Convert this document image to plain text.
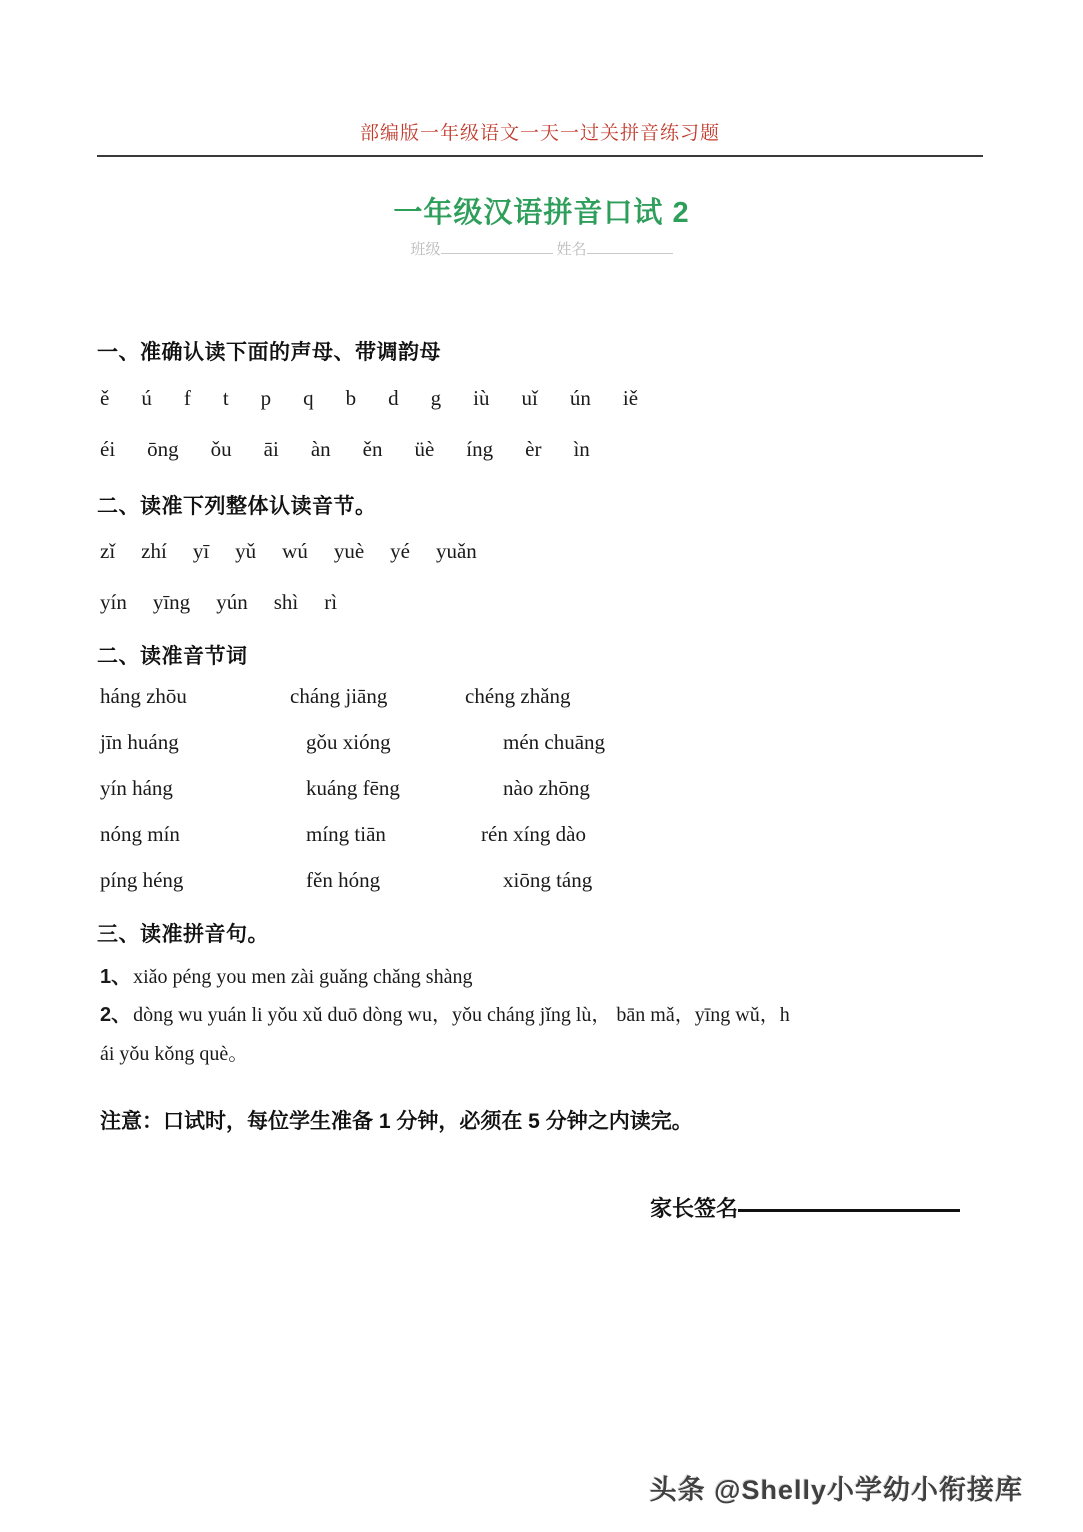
部编版一年级语文一天一过关拼音练习题
一年级汉语拼音口试 2
班级	姓名
一、准确认读下面的声母、带调韵母
ě ú f t p q b d g iù uǐ ún iě
éi ōng ǒu āi àn ěn üè íng èr ìn
二、读准下列整体认读音节。
zǐ zhí yī yǔ wú yuè yé yuǎn
yín yīng yún shì rì
二、读准音节词
háng zhōu	cháng jiāng	chéng zhǎng
jīn huáng	gǒu xióng	mén chuāng
yín háng	kuáng fēng	nào zhōng
nóng mín	míng tiān	rén xíng dào
píng héng	fěn hóng	xiōng táng
三、读准拼音句。
1、 xiǎo péng you men zài guǎng chǎng shàng
2、 dòng wu yuán li yǒu xǔ duō dòng wu，yǒu cháng jǐng lù， bān mǎ，yīng wǔ，h
ái yǒu kǒng què。
注意：口试时，每位学生准备 1 分钟，必须在 5 分钟之内读完。
家长签名
头条 @Shelly小学幼小衔接库
